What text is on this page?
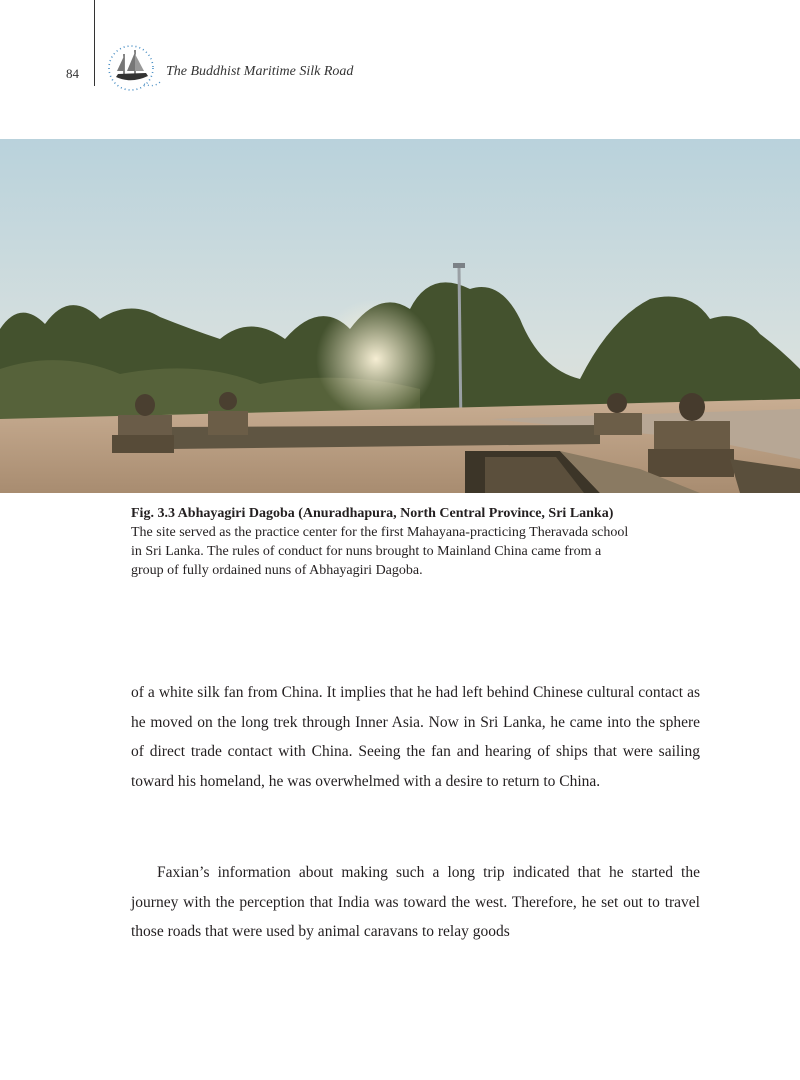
84	The Buddhist Maritime Silk Road
Fig. 3.3 Abhayagiri Dagoba (Anuradhapura, North Central Province, Sri Lanka)
The site served as the practice center for the first Mahayana-practicing Theravada school
in Sri Lanka. The rules of conduct for nuns brought to Mainland China came from a
group of fully ordained nuns of Abhayagiri Dagoba.
of a white silk fan from China. It implies that he had left behind Chinese cultural contact as he moved on the long trek through Inner Asia. Now in Sri Lanka, he came into the sphere of direct trade contact with China. Seeing the fan and hearing of ships that were sailing toward his homeland, he was overwhelmed with a desire to return to China.
Faxian’s information about making such a long trip indicated that he started the journey with the perception that India was toward the west. Therefore, he set out to travel those roads that were used by animal caravans to relay goods
